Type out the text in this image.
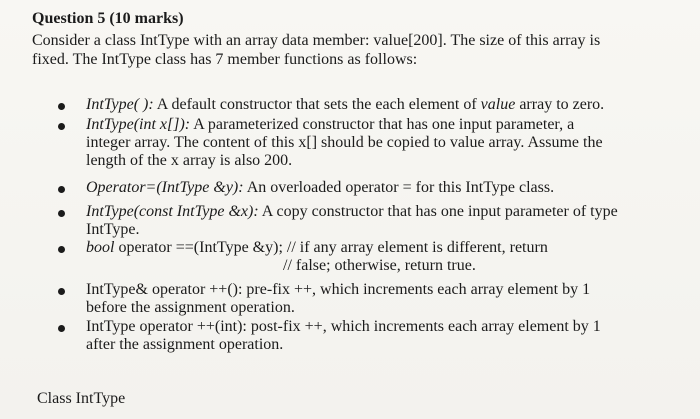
Question 5 (10 marks)
Consider a class IntType with an array data member: value[200]. The size of this array is
fixed. The IntType class has 7 member functions as follows:
IntType( ): A default constructor that sets the each element of value array to zero.
IntType(int x[]): A parameterized constructor that has one input parameter, a
integer array. The content of this x[] should be copied to value array. Assume the
length of the x array is also 200.
Operator=(IntType &y): An overloaded operator = for this IntType class.
IntType(const IntType &x): A copy constructor that has one input parameter of type
IntType.
bool operator ==(IntType &y); // if any array element is different, return
// false; otherwise, return true.
IntType& operator ++(): pre-fix ++, which increments each array element by 1
before the assignment operation.
IntType operator ++(int): post-fix ++, which increments each array element by 1
after the assignment operation.
Class IntType
